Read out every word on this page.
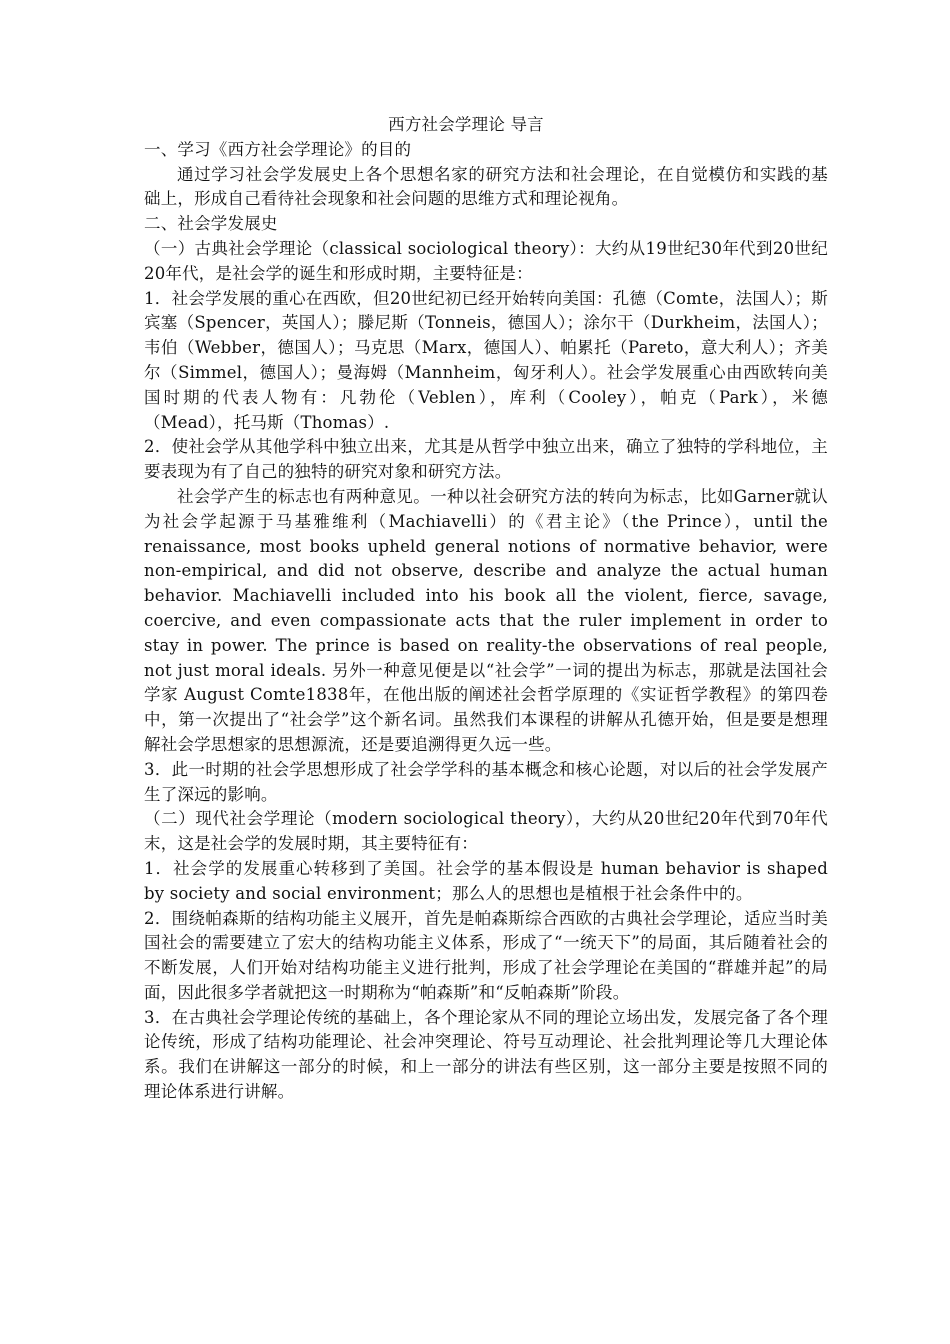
西方社会学理论 导言

一、学习《西方社会学理论》的目的

通过学习社会学发展史上各个思想名家的研究方法和社会理论，在自觉模仿和实践的基础上，形成自己看待社会现象和社会问题的思维方式和理论视角。

二、社会学发展史

（一）古典社会学理论（classical sociological theory）：大约从19世纪30年代到20世纪20年代，是社会学的诞生和形成时期，主要特征是：

1．社会学发展的重心在西欧，但20世纪初已经开始转向美国：孔德（Comte，法国人）；斯宾塞（Spencer，英国人）；滕尼斯（Tonneis，德国人）；涂尔干（Durkheim，法国人）；韦伯（Webber，德国人）；马克思（Marx，德国人）、帕累托（Pareto，意大利人）；齐美尔（Simmel，德国人）；曼海姆（Mannheim，匈牙利人）。社会学发展重心由西欧转向美国时期的代表人物有：凡勃伦（Veblen），库利（Cooley），帕克（Park），米德（Mead），托马斯（Thomas）.

2．使社会学从其他学科中独立出来，尤其是从哲学中独立出来，确立了独特的学科地位，主要表现为有了自己的独特的研究对象和研究方法。

社会学产生的标志也有两种意见。一种以社会研究方法的转向为标志，比如Garner就认为社会学起源于马基雅维利（Machiavelli）的《君主论》（the Prince），until the renaissance, most books upheld general notions of normative behavior, were non-empirical, and did not observe, describe and analyze the actual human behavior. Machiavelli included into his book all the violent, fierce, savage, coercive, and even compassionate acts that the ruler implement in order to stay in power. The prince is based on reality-the observations of real people, not just moral ideals. 另外一种意见便是以“社会学”一词的提出为标志，那就是法国社会学家 August Comte1838年，在他出版的阐述社会哲学原理的《实证哲学教程》的第四卷中，第一次提出了“社会学”这个新名词。虽然我们本课程的讲解从孔德开始，但是要是想理解社会学思想家的思想源流，还是要追溯得更久远一些。

3．此一时期的社会学思想形成了社会学学科的基本概念和核心论题，对以后的社会学发展产生了深远的影响。

（二）现代社会学理论（modern sociological theory），大约从20世纪20年代到70年代末，这是社会学的发展时期，其主要特征有：

1．社会学的发展重心转移到了美国。社会学的基本假设是 human behavior is shaped by society and social environment；那么人的思想也是植根于社会条件中的。

2．围绕帕森斯的结构功能主义展开，首先是帕森斯综合西欧的古典社会学理论，适应当时美国社会的需要建立了宏大的结构功能主义体系，形成了“一统天下”的局面，其后随着社会的不断发展，人们开始对结构功能主义进行批判，形成了社会学理论在美国的“群雄并起”的局面，因此很多学者就把这一时期称为“帕森斯”和“反帕森斯”阶段。

3．在古典社会学理论传统的基础上，各个理论家从不同的理论立场出发，发展完备了各个理论传统，形成了结构功能理论、社会冲突理论、符号互动理论、社会批判理论等几大理论体系。我们在讲解这一部分的时候，和上一部分的讲法有些区别，这一部分主要是按照不同的理论体系进行讲解。
